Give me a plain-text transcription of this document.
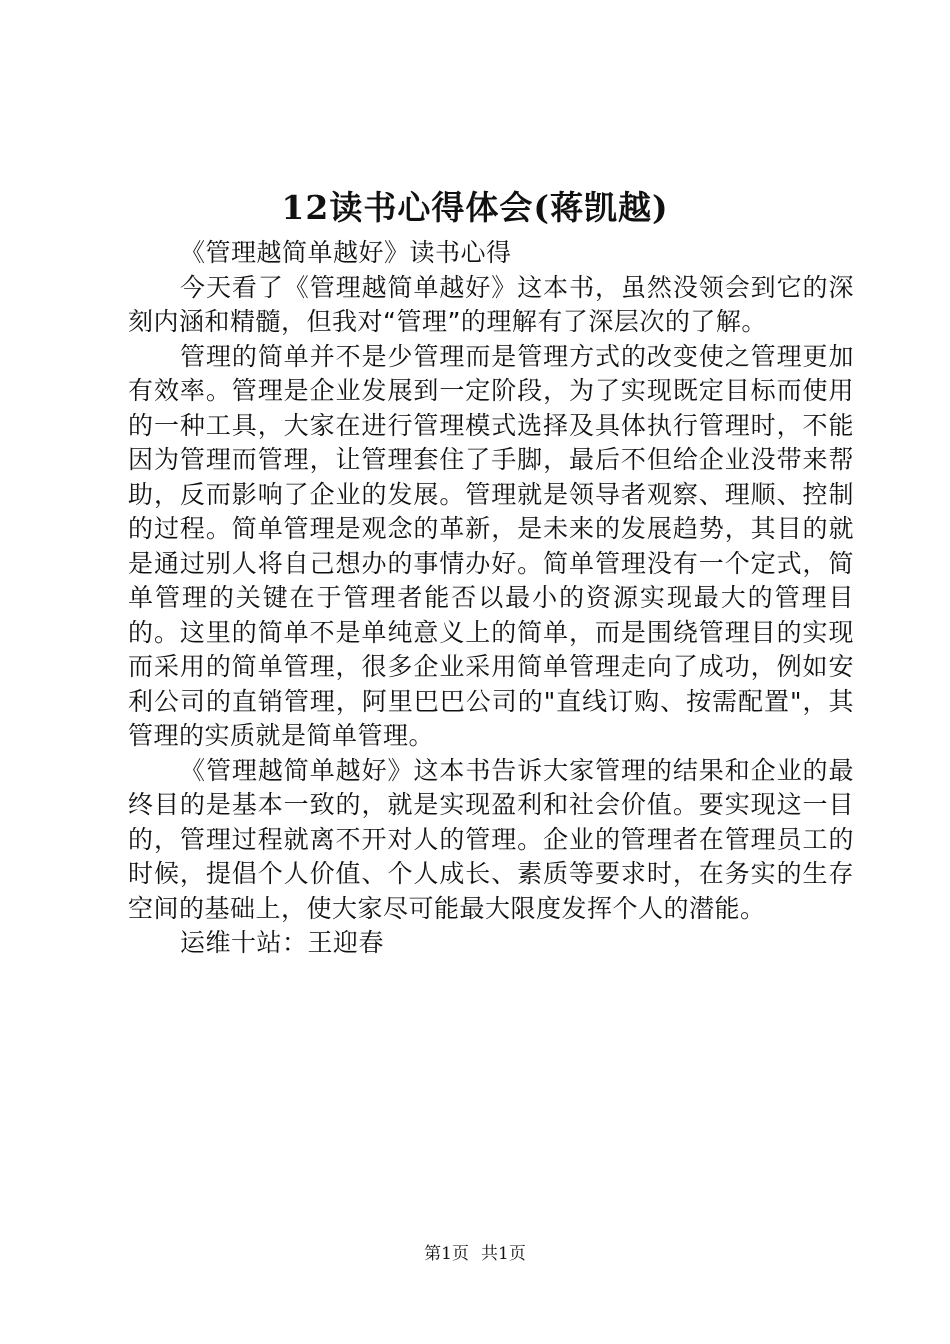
12读书心得体会(蒋凯越)

《管理越简单越好》读书心得

今天看了《管理越简单越好》这本书，虽然没领会到它的深刻内涵和精髓，但我对“管理”的理解有了深层次的了解。

管理的简单并不是少管理而是管理方式的改变使之管理更加有效率。管理是企业发展到一定阶段，为了实现既定目标而使用的一种工具，大家在进行管理模式选择及具体执行管理时，不能因为管理而管理，让管理套住了手脚，最后不但给企业没带来帮助，反而影响了企业的发展。管理就是领导者观察、理顺、控制的过程。简单管理是观念的革新，是未来的发展趋势，其目的就是通过别人将自己想办的事情办好。简单管理没有一个定式，简单管理的关键在于管理者能否以最小的资源实现最大的管理目的。这里的简单不是单纯意义上的简单，而是围绕管理目的实现而采用的简单管理，很多企业采用简单管理走向了成功，例如安利公司的直销管理，阿里巴巴公司的"直线订购、按需配置"，其管理的实质就是简单管理。

《管理越简单越好》这本书告诉大家管理的结果和企业的最终目的是基本一致的，就是实现盈利和社会价值。要实现这一目的，管理过程就离不开对人的管理。企业的管理者在管理员工的时候，提倡个人价值、个人成长、素质等要求时，在务实的生存空间的基础上，使大家尽可能最大限度发挥个人的潜能。

运维十站：王迎春

第1页 共1页
